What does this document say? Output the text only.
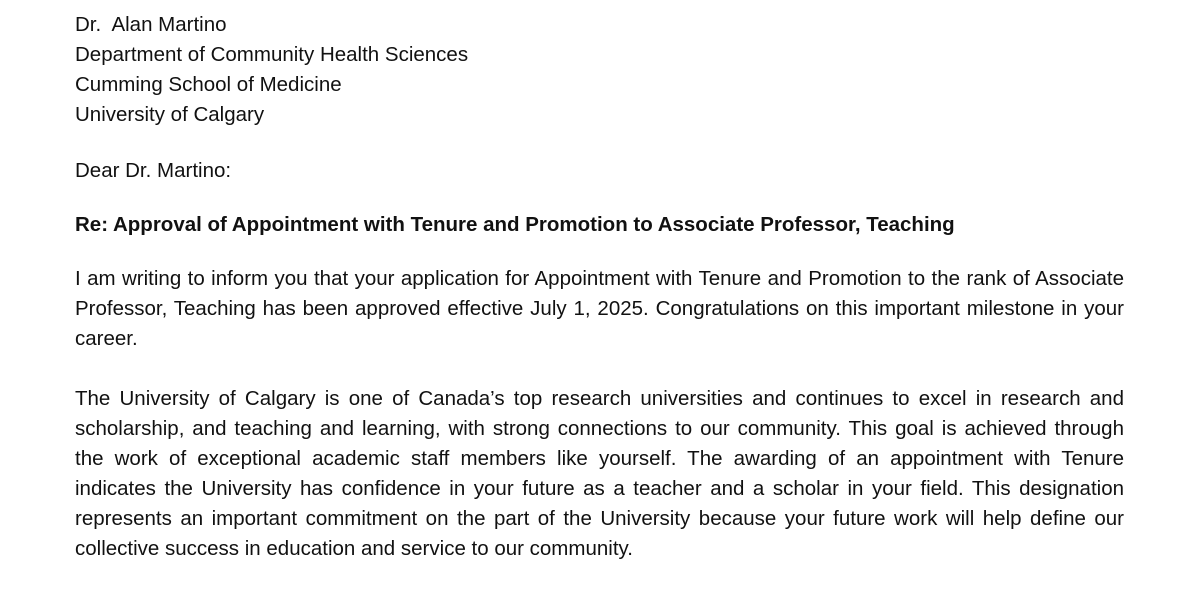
Dr.  Alan Martino
Department of Community Health Sciences
Cumming School of Medicine
University of Calgary
Dear Dr. Martino:
Re: Approval of Appointment with Tenure and Promotion to Associate Professor, Teaching

I am writing to inform you that your application for Appointment with Tenure and Promotion to the rank of Associate Professor, Teaching has been approved effective July 1, 2025. Congratulations on this important milestone in your career.

The University of Calgary is one of Canada’s top research universities and continues to excel in research and scholarship, and teaching and learning, with strong connections to our community. This goal is achieved through the work of exceptional academic staff members like yourself. The awarding of an appointment with Tenure indicates the University has confidence in your future as a teacher and a scholar in your field. This designation represents an important commitment on the part of the University because your future work will help define our collective success in education and service to our community.
